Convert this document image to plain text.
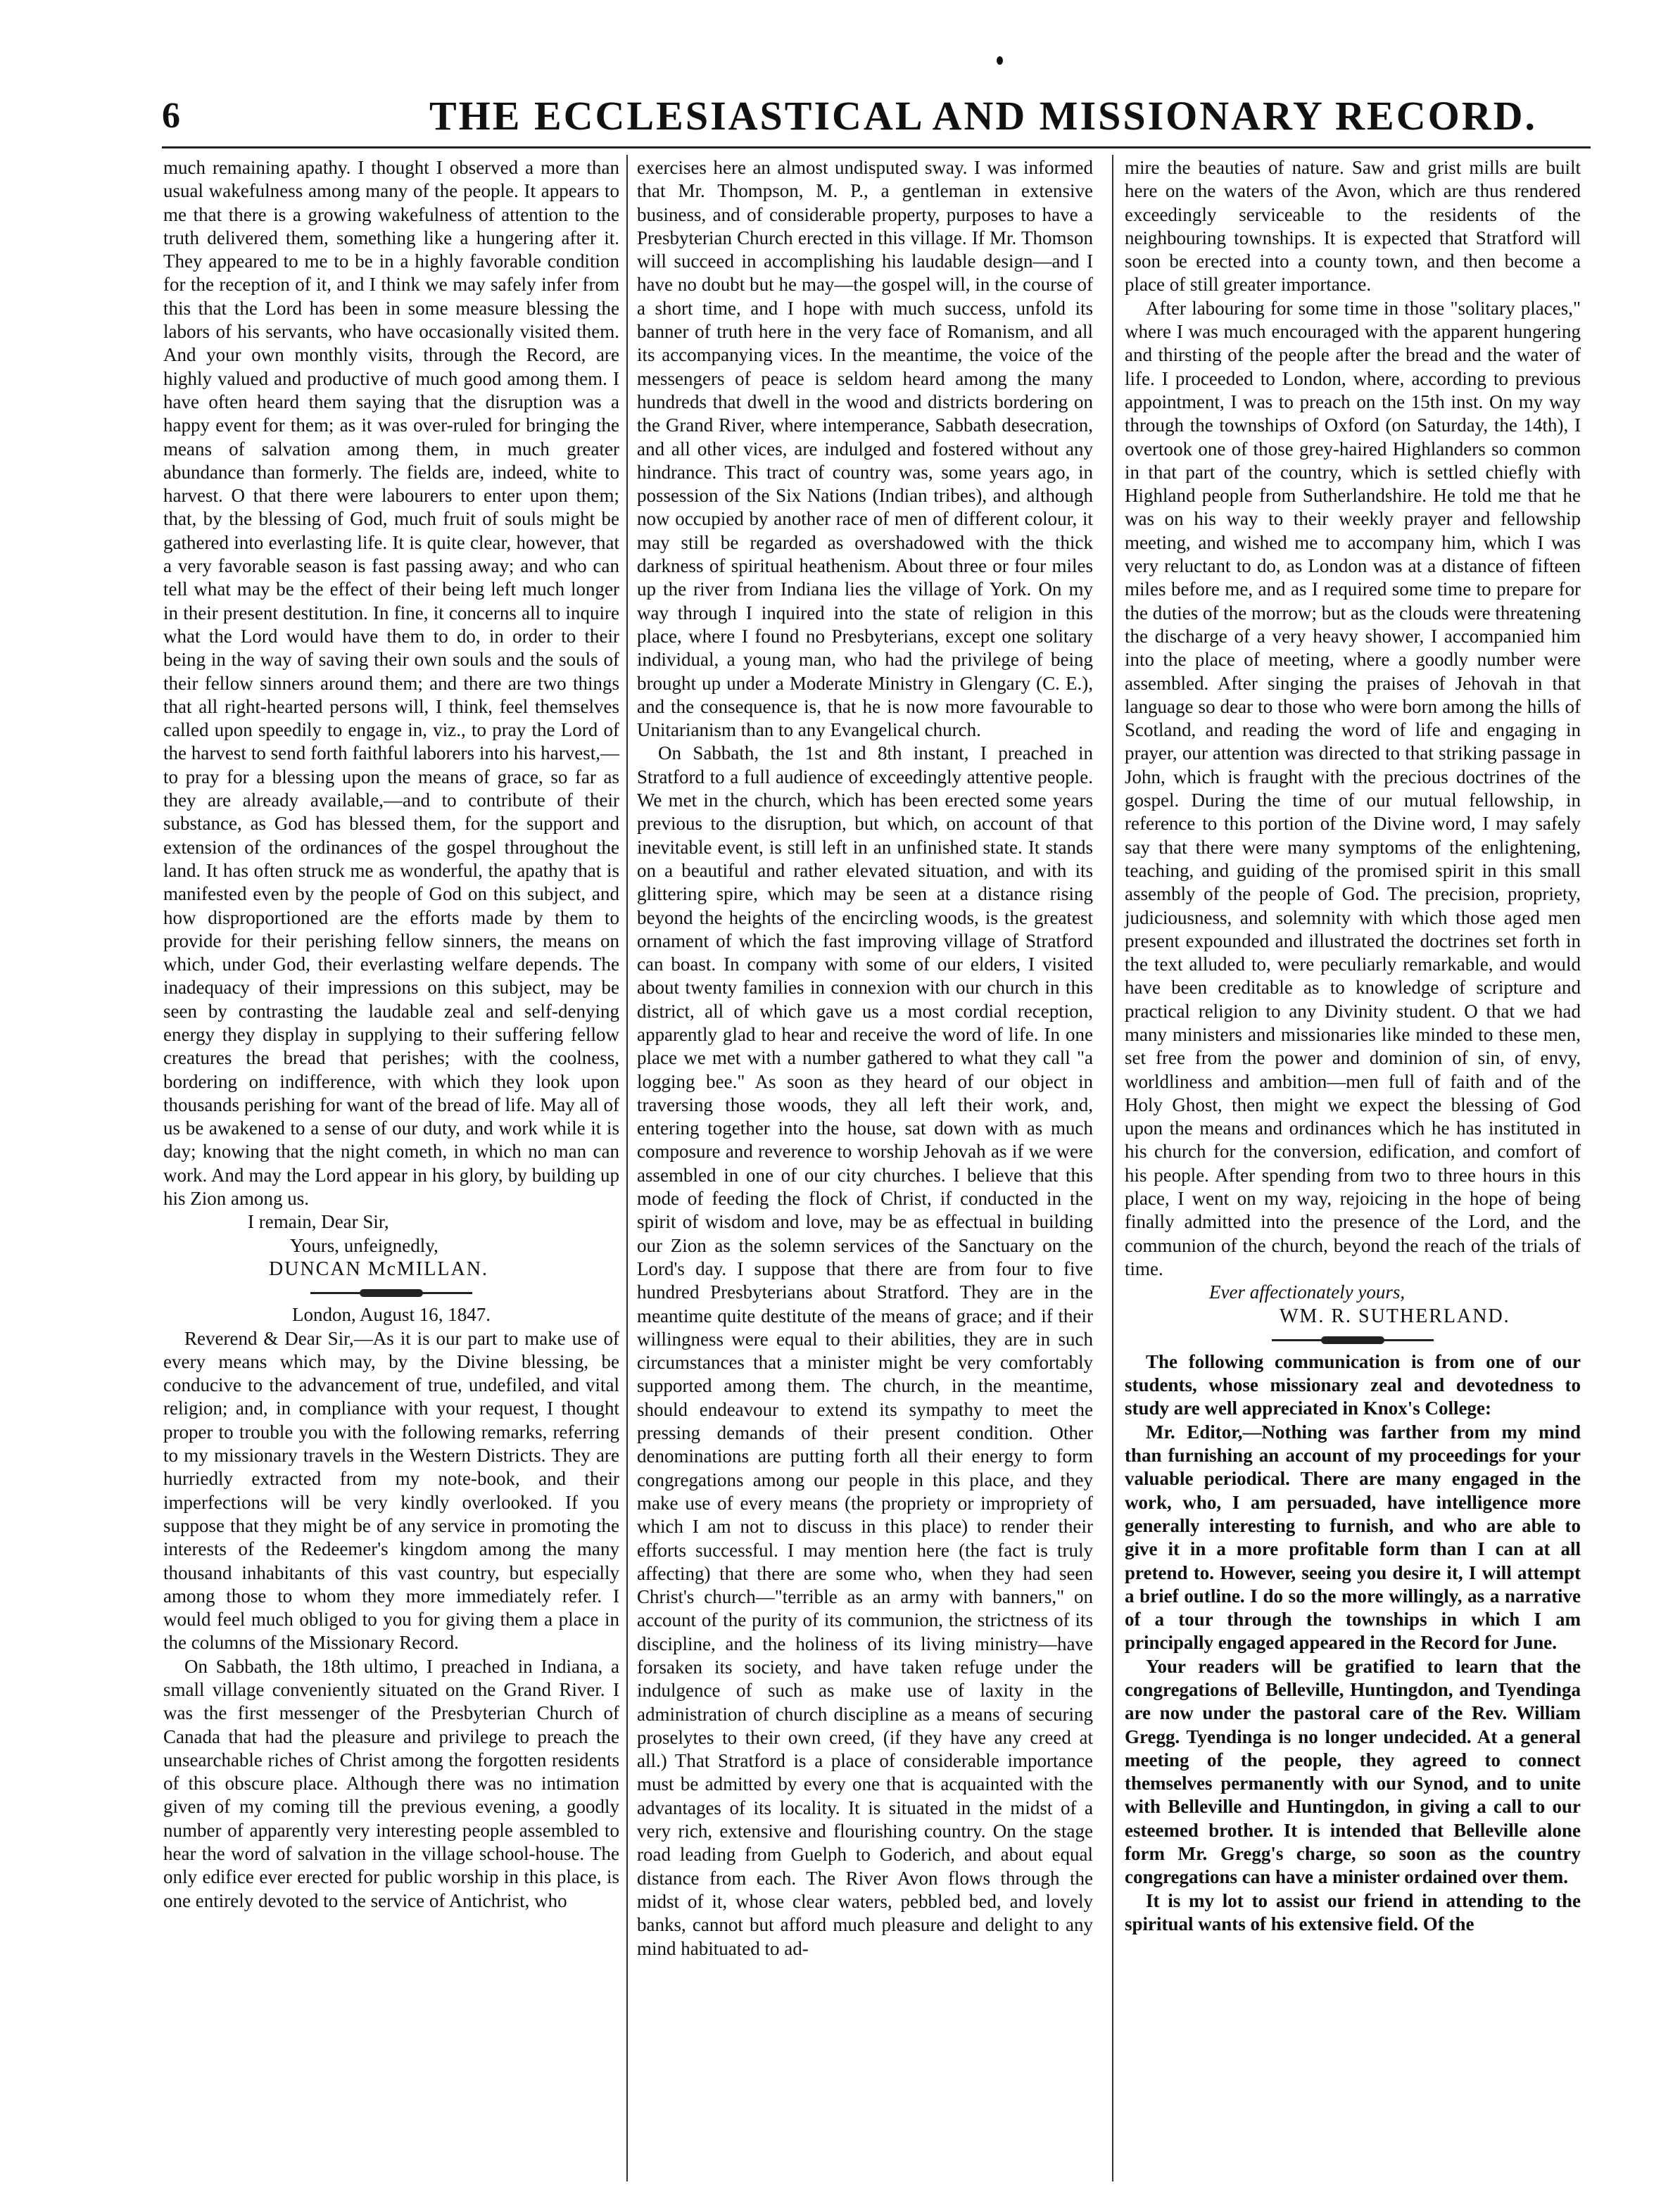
6	THE ECCLESIASTICAL AND MISSIONARY RECORD.

much remaining apathy. I thought I observed a more than usual wakefulness among many of the people. It appears to me that there is a growing wakefulness of attention to the truth delivered them, something like a hungering after it. They appeared to me to be in a highly favorable condition for the reception of it, and I think we may safely infer from this that the Lord has been in some measure blessing the labors of his servants, who have occasionally visited them. And your own monthly visits, through the Record, are highly valued and productive of much good among them. I have often heard them saying that the disruption was a happy event for them; as it was over-ruled for bringing the means of salvation among them, in much greater abundance than formerly. The fields are, indeed, white to harvest. O that there were labourers to enter upon them; that, by the blessing of God, much fruit of souls might be gathered into everlasting life. It is quite clear, however, that a very favorable season is fast passing away; and who can tell what may be the effect of their being left much longer in their present destitution. In fine, it concerns all to inquire what the Lord would have them to do, in order to their being in the way of saving their own souls and the souls of their fellow sinners around them; and there are two things that all right-hearted persons will, I think, feel themselves called upon speedily to engage in, viz., to pray the Lord of the harvest to send forth faithful laborers into his harvest,—to pray for a blessing upon the means of grace, so far as they are already available,—and to contribute of their substance, as God has blessed them, for the support and extension of the ordinances of the gospel throughout the land. It has often struck me as wonderful, the apathy that is manifested even by the people of God on this subject, and how disproportioned are the efforts made by them to provide for their perishing fellow sinners, the means on which, under God, their everlasting welfare depends. The inadequacy of their impressions on this subject, may be seen by contrasting the laudable zeal and self-denying energy they display in supplying to their suffering fellow creatures the bread that perishes; with the coolness, bordering on indifference, with which they look upon thousands perishing for want of the bread of life. May all of us be awakened to a sense of our duty, and work while it is day; knowing that the night cometh, in which no man can work. And may the Lord appear in his glory, by building up his Zion among us.

I remain, Dear Sir,

Yours, unfeignedly,

DUNCAN McMILLAN.

London, August 16, 1847.

Reverend & Dear Sir,—As it is our part to make use of every means which may, by the Divine blessing, be conducive to the advancement of true, undefiled, and vital religion; and, in compliance with your request, I thought proper to trouble you with the following remarks, referring to my missionary travels in the Western Districts. They are hurriedly extracted from my note-book, and their imperfections will be very kindly overlooked. If you suppose that they might be of any service in promoting the interests of the Redeemer's kingdom among the many thousand inhabitants of this vast country, but especially among those to whom they more immediately refer. I would feel much obliged to you for giving them a place in the columns of the Missionary Record.

On Sabbath, the 18th ultimo, I preached in Indiana, a small village conveniently situated on the Grand River. I was the first messenger of the Presbyterian Church of Canada that had the pleasure and privilege to preach the unsearchable riches of Christ among the forgotten residents of this obscure place. Although there was no intimation given of my coming till the previous evening, a goodly number of apparently very interesting people assembled to hear the word of salvation in the village school-house. The only edifice ever erected for public worship in this place, is one entirely devoted to the service of Antichrist, who

exercises here an almost undisputed sway. I was informed that Mr. Thompson, M. P., a gentleman in extensive business, and of considerable property, purposes to have a Presbyterian Church erected in this village. If Mr. Thomson will succeed in accomplishing his laudable design—and I have no doubt but he may—the gospel will, in the course of a short time, and I hope with much success, unfold its banner of truth here in the very face of Romanism, and all its accompanying vices. In the meantime, the voice of the messengers of peace is seldom heard among the many hundreds that dwell in the wood and districts bordering on the Grand River, where intemperance, Sabbath desecration, and all other vices, are indulged and fostered without any hindrance. This tract of country was, some years ago, in possession of the Six Nations (Indian tribes), and although now occupied by another race of men of different colour, it may still be regarded as overshadowed with the thick darkness of spiritual heathenism. About three or four miles up the river from Indiana lies the village of York. On my way through I inquired into the state of religion in this place, where I found no Presbyterians, except one solitary individual, a young man, who had the privilege of being brought up under a Moderate Ministry in Glengary (C. E.), and the consequence is, that he is now more favourable to Unitarianism than to any Evangelical church.

On Sabbath, the 1st and 8th instant, I preached in Stratford to a full audience of exceedingly attentive people. We met in the church, which has been erected some years previous to the disruption, but which, on account of that inevitable event, is still left in an unfinished state. It stands on a beautiful and rather elevated situation, and with its glittering spire, which may be seen at a distance rising beyond the heights of the encircling woods, is the greatest ornament of which the fast improving village of Stratford can boast. In company with some of our elders, I visited about twenty families in connexion with our church in this district, all of which gave us a most cordial reception, apparently glad to hear and receive the word of life. In one place we met with a number gathered to what they call "a logging bee." As soon as they heard of our object in traversing those woods, they all left their work, and, entering together into the house, sat down with as much composure and reverence to worship Jehovah as if we were assembled in one of our city churches. I believe that this mode of feeding the flock of Christ, if conducted in the spirit of wisdom and love, may be as effectual in building our Zion as the solemn services of the Sanctuary on the Lord's day. I suppose that there are from four to five hundred Presbyterians about Stratford. They are in the meantime quite destitute of the means of grace; and if their willingness were equal to their abilities, they are in such circumstances that a minister might be very comfortably supported among them. The church, in the meantime, should endeavour to extend its sympathy to meet the pressing demands of their present condition. Other denominations are putting forth all their energy to form congregations among our people in this place, and they make use of every means (the propriety or impropriety of which I am not to discuss in this place) to render their efforts successful. I may mention here (the fact is truly affecting) that there are some who, when they had seen Christ's church—"terrible as an army with banners," on account of the purity of its communion, the strictness of its discipline, and the holiness of its living ministry—have forsaken its society, and have taken refuge under the indulgence of such as make use of laxity in the administration of church discipline as a means of securing proselytes to their own creed, (if they have any creed at all.) That Stratford is a place of considerable importance must be admitted by every one that is acquainted with the advantages of its locality. It is situated in the midst of a very rich, extensive and flourishing country. On the stage road leading from Guelph to Goderich, and about equal distance from each. The River Avon flows through the midst of it, whose clear waters, pebbled bed, and lovely banks, cannot but afford much pleasure and delight to any mind habituated to ad-

mire the beauties of nature. Saw and grist mills are built here on the waters of the Avon, which are thus rendered exceedingly serviceable to the residents of the neighbouring townships. It is expected that Stratford will soon be erected into a county town, and then become a place of still greater importance.

After labouring for some time in those "solitary places," where I was much encouraged with the apparent hungering and thirsting of the people after the bread and the water of life. I proceeded to London, where, according to previous appointment, I was to preach on the 15th inst. On my way through the townships of Oxford (on Saturday, the 14th), I overtook one of those grey-haired Highlanders so common in that part of the country, which is settled chiefly with Highland people from Sutherlandshire. He told me that he was on his way to their weekly prayer and fellowship meeting, and wished me to accompany him, which I was very reluctant to do, as London was at a distance of fifteen miles before me, and as I required some time to prepare for the duties of the morrow; but as the clouds were threatening the discharge of a very heavy shower, I accompanied him into the place of meeting, where a goodly number were assembled. After singing the praises of Jehovah in that language so dear to those who were born among the hills of Scotland, and reading the word of life and engaging in prayer, our attention was directed to that striking passage in John, which is fraught with the precious doctrines of the gospel. During the time of our mutual fellowship, in reference to this portion of the Divine word, I may safely say that there were many symptoms of the enlightening, teaching, and guiding of the promised spirit in this small assembly of the people of God. The precision, propriety, judiciousness, and solemnity with which those aged men present expounded and illustrated the doctrines set forth in the text alluded to, were peculiarly remarkable, and would have been creditable as to knowledge of scripture and practical religion to any Divinity student. O that we had many ministers and missionaries like minded to these men, set free from the power and dominion of sin, of envy, worldliness and ambition—men full of faith and of the Holy Ghost, then might we expect the blessing of God upon the means and ordinances which he has instituted in his church for the conversion, edification, and comfort of his people. After spending from two to three hours in this place, I went on my way, rejoicing in the hope of being finally admitted into the presence of the Lord, and the communion of the church, beyond the reach of the trials of time.

Ever affectionately yours,

WM. R. SUTHERLAND.

The following communication is from one of our students, whose missionary zeal and devotedness to study are well appreciated in Knox's College:

Mr. Editor,—Nothing was farther from my mind than furnishing an account of my proceedings for your valuable periodical. There are many engaged in the work, who, I am persuaded, have intelligence more generally interesting to furnish, and who are able to give it in a more profitable form than I can at all pretend to. However, seeing you desire it, I will attempt a brief outline. I do so the more willingly, as a narrative of a tour through the townships in which I am principally engaged appeared in the Record for June.

Your readers will be gratified to learn that the congregations of Belleville, Huntingdon, and Tyendinga are now under the pastoral care of the Rev. William Gregg. Tyendinga is no longer undecided. At a general meeting of the people, they agreed to connect themselves permanently with our Synod, and to unite with Belleville and Huntingdon, in giving a call to our esteemed brother. It is intended that Belleville alone form Mr. Gregg's charge, so soon as the country congregations can have a minister ordained over them.

It is my lot to assist our friend in attending to the spiritual wants of his extensive field. Of the
